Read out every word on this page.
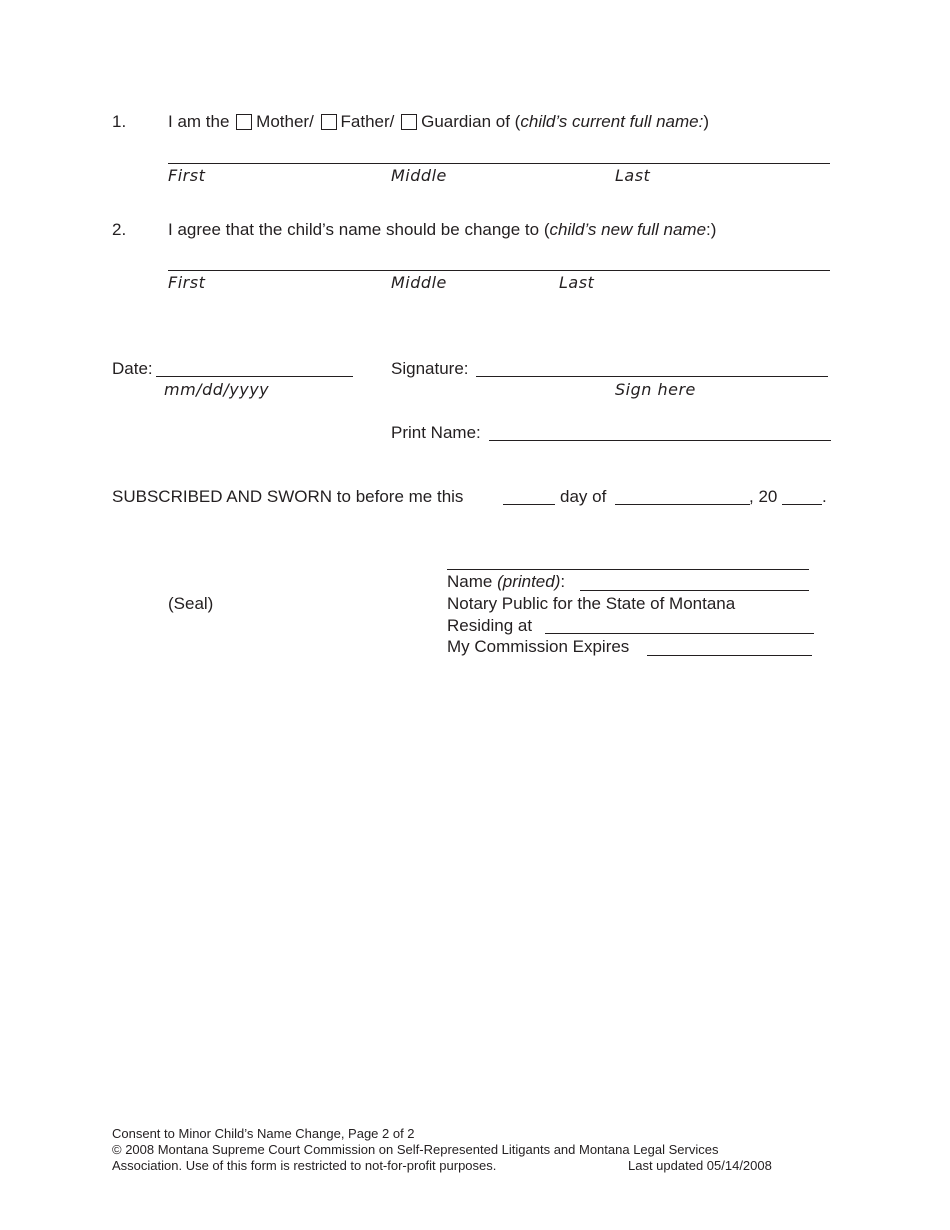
1. I am the Mother/ Father/ Guardian of (child’s current full name:)
First	Middle	Last
2. I agree that the child’s name should be change to (child’s new full name:)
First	Middle	Last
Date:
mm/dd/yyyy
Signature:
Sign here
Print Name:
SUBSCRIBED AND SWORN to before me this	day of	, 20	.
(Seal)
Name (printed):
Notary Public for the State of Montana
Residing at
My Commission Expires
Consent to Minor Child’s Name Change, Page 2 of 2
© 2008 Montana Supreme Court Commission on Self-Represented Litigants and Montana Legal Services
Association. Use of this form is restricted to not-for-profit purposes.	Last updated 05/14/2008
